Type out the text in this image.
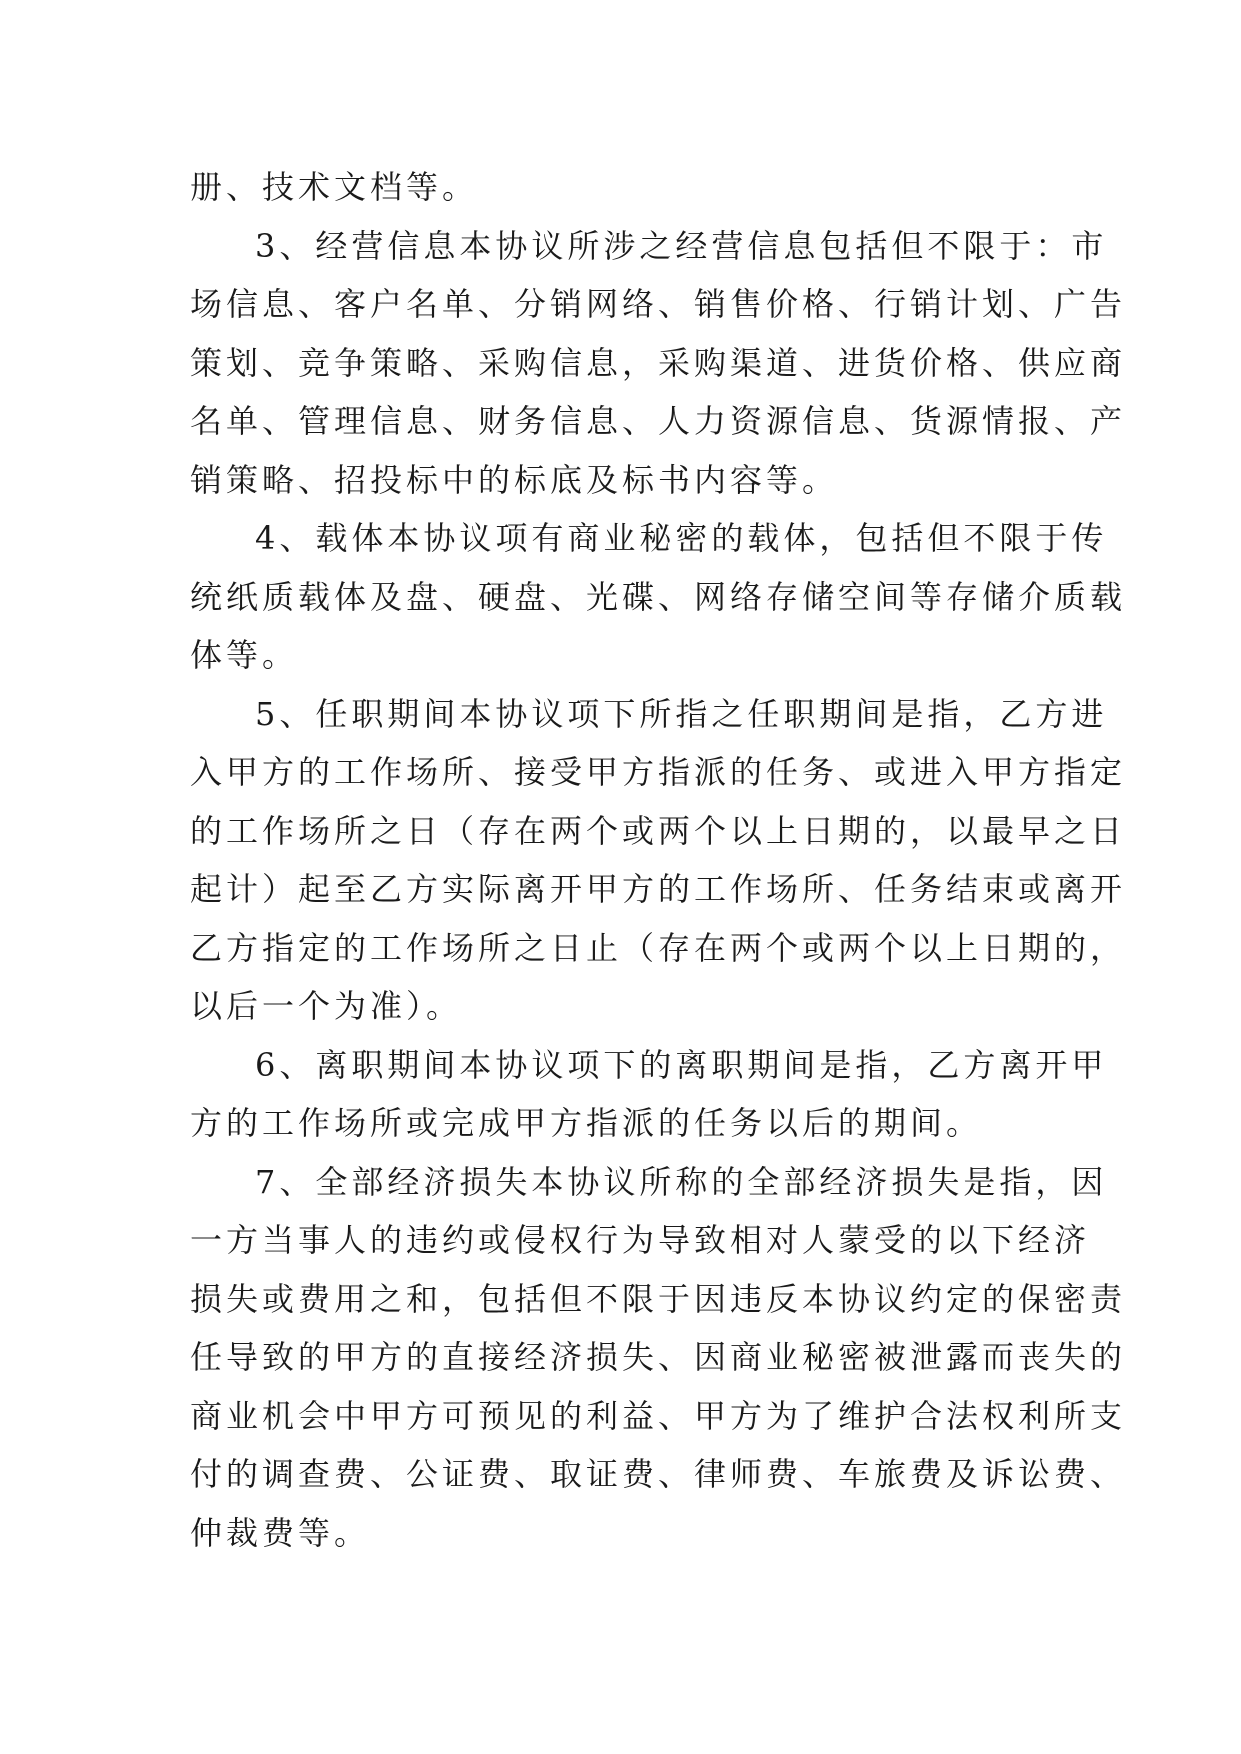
册、技术文档等。

3、经营信息本协议所涉之经营信息包括但不限于：市
场信息、客户名单、分销网络、销售价格、行销计划、广告
策划、竞争策略、采购信息，采购渠道、进货价格、供应商
名单、管理信息、财务信息、人力资源信息、货源情报、产
销策略、招投标中的标底及标书内容等。

4、载体本协议项有商业秘密的载体，包括但不限于传
统纸质载体及盘、硬盘、光碟、网络存储空间等存储介质载
体等。

5、任职期间本协议项下所指之任职期间是指，乙方进
入甲方的工作场所、接受甲方指派的任务、或进入甲方指定
的工作场所之日（存在两个或两个以上日期的，以最早之日
起计）起至乙方实际离开甲方的工作场所、任务结束或离开
乙方指定的工作场所之日止（存在两个或两个以上日期的，
以后一个为准）。

6、离职期间本协议项下的离职期间是指，乙方离开甲
方的工作场所或完成甲方指派的任务以后的期间。

7、全部经济损失本协议所称的全部经济损失是指，因
一方当事人的违约或侵权行为导致相对人蒙受的以下经济
损失或费用之和，包括但不限于因违反本协议约定的保密责
任导致的甲方的直接经济损失、因商业秘密被泄露而丧失的
商业机会中甲方可预见的利益、甲方为了维护合法权利所支
付的调查费、公证费、取证费、律师费、车旅费及诉讼费、
仲裁费等。
